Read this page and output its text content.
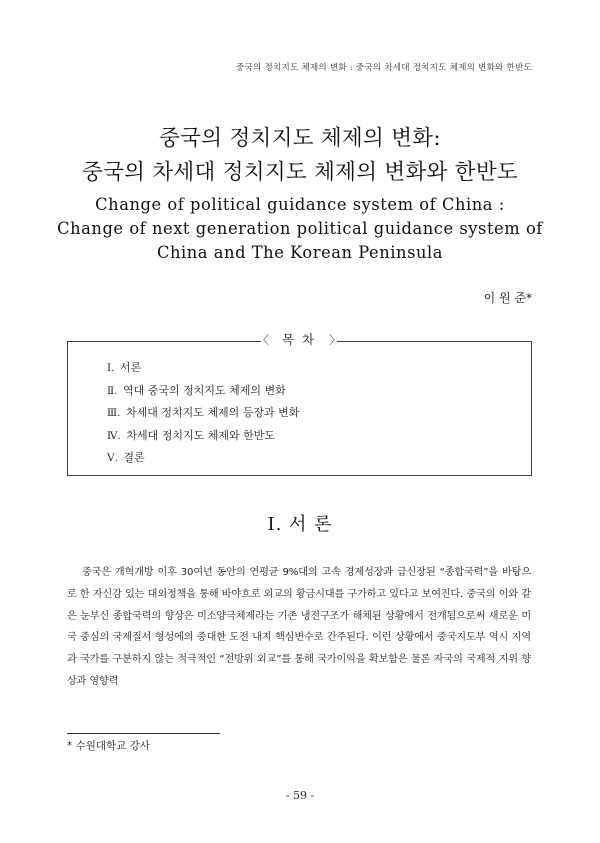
중국의 정치지도 체제의 변화 : 중국의 차세대 정치지도 체제의 변화와 한반도
중국의 정치지도 체제의 변화:
중국의 차세대 정치지도 체제의 변화와 한반도
Change of political guidance system of China :
Change of next generation political guidance system of
China and The Korean Peninsula
이 원 준*
〈 목 차 〉
Ⅰ. 서론
Ⅱ. 역대 중국의 정치지도 체제의 변화
Ⅲ. 차세대 정치지도 체제의 등장과 변화
Ⅳ. 차세대 정치지도 체제와 한반도
Ⅴ. 결론
Ⅰ. 서 론

중국은 개혁개방 이후 30여년 동안의 연평균 9%대의 고속 경제성장과 급신장된 “종합국력”을 바탕으로 한 자신감 있는 대외정책을 통해 바야흐로 외교의 황금시대를 구가하고 있다고 보여진다. 중국의 이와 같은 눈부신 종합국력의 향상은 미소양극체제라는 기존 냉전구조가 해체된 상황에서 전개됨으로써 새로운 미국 중심의 국제질서 형성에의 중대한 도전 내지 핵심변수로 간주된다. 이런 상황에서 중국지도부 역시 지역과 국가를 구분하지 않는 적극적인 “전방위 외교”를 통해 국가이익을 확보함은 물론 자국의 국제적 지위 향상과 영향력

* 수원대학교 강사
- 59 -
